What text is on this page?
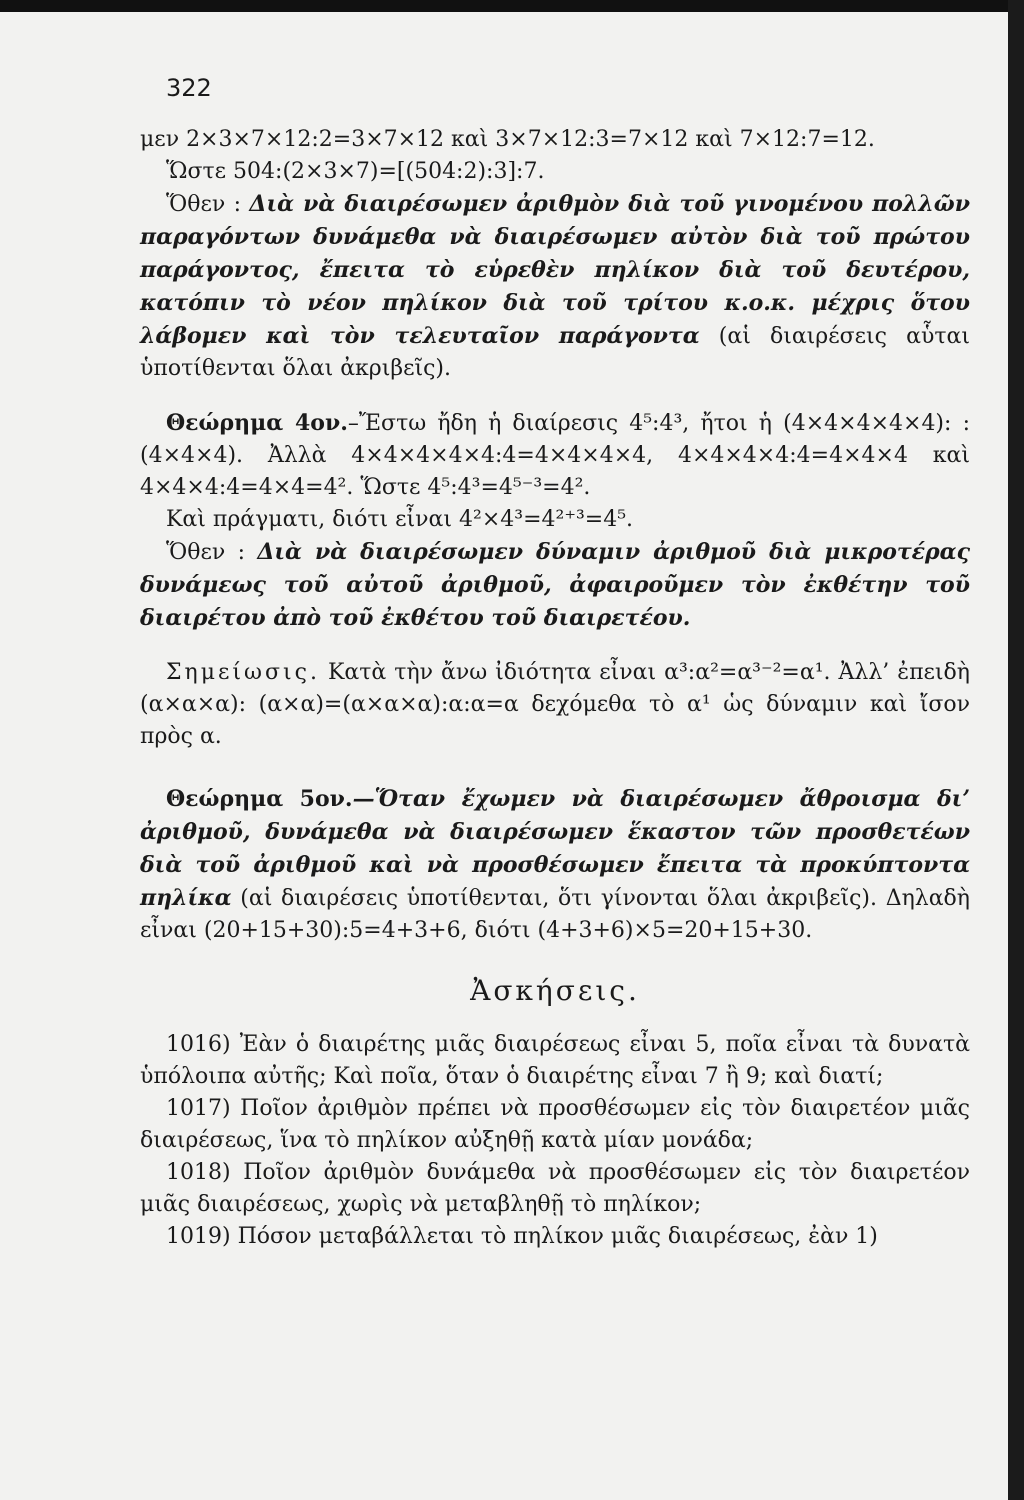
322

μεν 2×3×7×12:2=3×7×12 καὶ 3×7×12:3=7×12 καὶ 7×12:7=12.

Ὥστε 504:(2×3×7)=[(504:2):3]:7.

Ὅθεν : Διὰ νὰ διαιρέσωμεν ἀριθμὸν διὰ τοῦ γινομένου πολλῶν παραγόντων δυνάμεθα νὰ διαιρέσωμεν αὐτὸν διὰ τοῦ πρώτου παράγοντος, ἔπειτα τὸ εὑρεθὲν πηλίκον διὰ τοῦ δευτέρου, κατόπιν τὸ νέον πηλίκον διὰ τοῦ τρίτου κ.ο.κ. μέχρις ὅτου λάβομεν καὶ τὸν τελευταῖον παράγοντα (αἱ διαιρέσεις αὗται ὑποτίθενται ὅλαι ἀκριβεῖς).

Θεώρημα 4ον.–Ἔστω ἤδη ἡ διαίρεσις 4⁵:4³, ἤτοι ἡ (4×4×4×4×4): :(4×4×4). Ἀλλὰ 4×4×4×4×4:4=4×4×4×4, 4×4×4×4:4=4×4×4 καὶ 4×4×4:4=4×4=4². Ὥστε 4⁵:4³=4⁵⁻³=4².

Καὶ πράγματι, διότι εἶναι 4²×4³=4²⁺³=4⁵.

Ὅθεν : Διὰ νὰ διαιρέσωμεν δύναμιν ἀριθμοῦ διὰ μικροτέρας δυνάμεως τοῦ αὐτοῦ ἀριθμοῦ, ἀφαιροῦμεν τὸν ἐκθέτην τοῦ διαιρέτου ἀπὸ τοῦ ἐκθέτου τοῦ διαιρετέου.

Σημείωσις. Κατὰ τὴν ἄνω ἰδιότητα εἶναι α³:α²=α³⁻²=α¹. Ἀλλ’ ἐπειδὴ (α×α×α): (α×α)=(α×α×α):α:α=α δεχόμεθα τὸ α¹ ὡς δύναμιν καὶ ἴσον πρὸς α.

Θεώρημα 5ον.—Ὅταν ἔχωμεν νὰ διαιρέσωμεν ἄθροισμα δι’ ἀριθμοῦ, δυνάμεθα νὰ διαιρέσωμεν ἕκαστον τῶν προσθετέων διὰ τοῦ ἀριθμοῦ καὶ νὰ προσθέσωμεν ἔπειτα τὰ προκύπτοντα πηλίκα (αἱ διαιρέσεις ὑποτίθενται, ὅτι γίνονται ὅλαι ἀκριβεῖς). Δηλαδὴ εἶναι (20+15+30):5=4+3+6, διότι (4+3+6)×5=20+15+30.

Ἀσκήσεις.

1016) Ἐὰν ὁ διαιρέτης μιᾶς διαιρέσεως εἶναι 5, ποῖα εἶναι τὰ δυνατὰ ὑπόλοιπα αὐτῆς; Καὶ ποῖα, ὅταν ὁ διαιρέτης εἶναι 7 ἢ 9; καὶ διατί;

1017) Ποῖον ἀριθμὸν πρέπει νὰ προσθέσωμεν εἰς τὸν διαιρετέον μιᾶς διαιρέσεως, ἵνα τὸ πηλίκον αὐξηθῇ κατὰ μίαν μονάδα;

1018) Ποῖον ἀριθμὸν δυνάμεθα νὰ προσθέσωμεν εἰς τὸν διαιρετέον μιᾶς διαιρέσεως, χωρὶς νὰ μεταβληθῇ τὸ πηλίκον;

1019) Πόσον μεταβάλλεται τὸ πηλίκον μιᾶς διαιρέσεως, ἐὰν 1)
